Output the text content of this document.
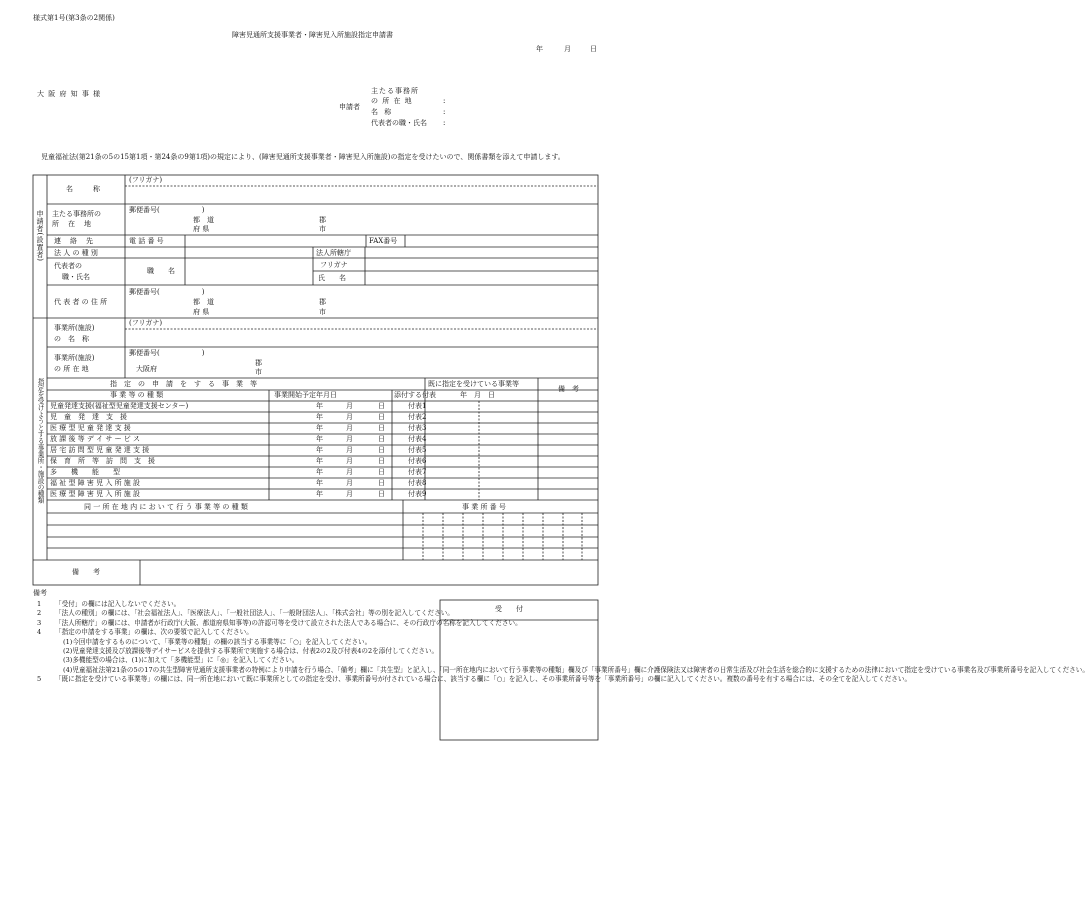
様式第1号(第3条の2関係)
障害児通所支援事業者・障害児入所施設指定申請書
年	月	日
大 阪 府 知 事 様
申請者
主たる事務所
の 所 在 地
名 称
代表者の職・氏名
:
:
:
児童福祉法(第21条の5の15第1項・第24条の9第1項)の規定により、(障害児通所支援事業者・障害児入所施設)の指定を受けたいので、関係書類を添えて申請します。
申請者(設置者)
名　　称
(フリガナ)
主たる事務所の
所　在　地
郵便番号(　　　　　　)
都　道
府 県
郡
市
連　絡　先	電 話 番 号	FAX番号
法 人 の 種 別	法人所轄庁
代表者の
職・氏名
職　　名
フリガナ
氏　　名
代 表 者 の 住 所
郵便番号(　　　　　　)
都　道
府 県
郡
市
指定を受けようとする事業所・施設の種類
事業所(施設)
の　名　称
(フリガナ)
事業所(施設)
の 所 在 地
郵便番号(　　　　　　)
大阪府
郡
市
指　定　の　申　請　を　す　る　事　業　等	既に指定を受けている事業等
備　考
事 業 等 の 種 類	事業開始予定年月日	添付する付表	年　月　日
児童発達支援(福祉型児童発達支援センター)	年	月	日	付表1
児　童　発　達　支　援	年	月	日	付表2
医 療 型 児 童 発 達 支 援	年	月	日	付表3
放 課 後 等 デ イ サ ー ビ ス	年	月	日	付表4
居 宅 訪 問 型 児 童 発 達 支 援	年	月	日	付表5
保　育　所　等　訪　問　支　援	年	月	日	付表6
多　　機　　能　　型	年	月	日	付表7
福 祉 型 障 害 児 入 所 施 設	年	月	日	付表8
医 療 型 障 害 児 入 所 施 設	年	月	日	付表9
同 一 所 在 地 内 に お い て 行 う 事 業 等 の 種 類	事 業 所 番 号
備　　考
備考
受　　付
1	「受付」の欄には記入しないでください。
2	「法人の種別」の欄には、「社会福祉法人」、「医療法人」、「一般社団法人」、「一般財団法人」、「株式会社」等の別を記入してください。
3	「法人所轄庁」の欄には、申請者が行政庁(大阪、都道府県知事等)の許認可等を受けて設立された法人である場合に、その行政庁の名称を記入してください。
4	「指定の申請をする事業」の欄は、次の要領で記入してください。
(1)今回申請をするものについて、「事業等の種類」の欄の該当する事業等に「○」を記入してください。
(2)児童発達支援及び放課後等デイサービスを提供する事業所で実施する場合は、付表2の2及び付表4の2を添付してください。
(3)多機能型の場合は、(1)に加えて「多機能型」に「◎」を記入してください。
(4)児童福祉法第21条の5の17の共生型障害児通所支援事業者の特例により申請を行う場合、「備考」欄に「共生型」と記入し、「同一所在地内において行う事業等の種類」欄及び「事業所番号」欄に介護保険法又は障害者の日常生活及び社会生活を総合的に支援するための法律において指定を受けている事業名及び事業所番号を記入してください。
5	「既に指定を受けている事業等」の欄には、同一所在地において既に事業所としての指定を受け、事業所番号が付されている場合に、該当する欄に「○」を記入し、その事業所番号等を「事業所番号」の欄に記入してください。複数の番号を有する場合には、その全てを記入してください。
